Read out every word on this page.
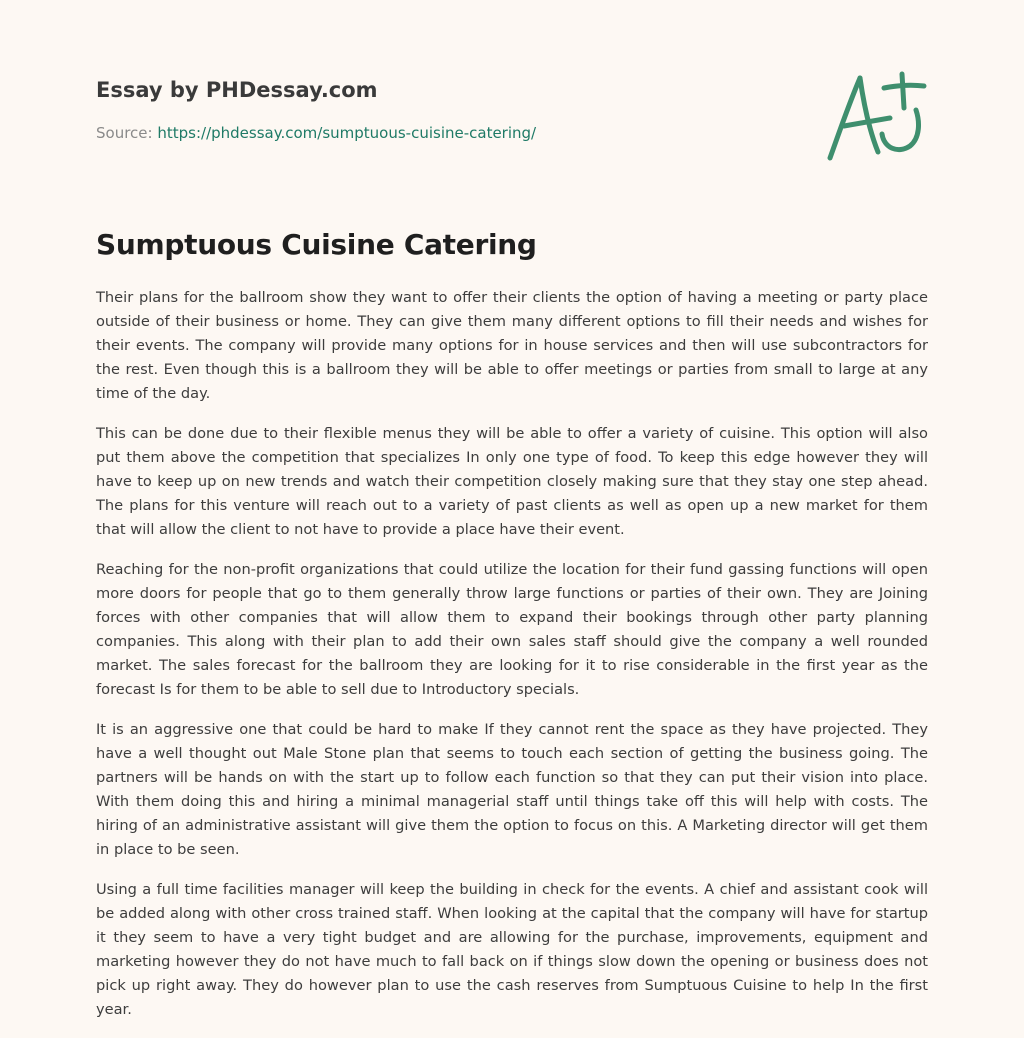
Essay by PHDessay.com
Source: https://phdessay.com/sumptuous-cuisine-catering/
Sumptuous Cuisine Catering

Their plans for the ballroom show they want to offer their clients the option of having a meeting or party place outside of their business or home. They can give them many different options to fill their needs and wishes for their events. The company will provide many options for in house services and then will use subcontractors for the rest. Even though this is a ballroom they will be able to offer meetings or parties from small to large at any time of the day.

This can be done due to their flexible menus they will be able to offer a variety of cuisine. This option will also put them above the competition that specializes In only one type of food. To keep this edge however they will have to keep up on new trends and watch their competition closely making sure that they stay one step ahead. The plans for this venture will reach out to a variety of past clients as well as open up a new market for them that will allow the client to not have to provide a place have their event.

Reaching for the non-profit organizations that could utilize the location for their fund gassing functions will open more doors for people that go to them generally throw large functions or parties of their own. They are Joining forces with other companies that will allow them to expand their bookings through other party planning companies. This along with their plan to add their own sales staff should give the company a well rounded market. The sales forecast for the ballroom they are looking for it to rise considerable in the first year as the forecast Is for them to be able to sell due to Introductory specials.

It is an aggressive one that could be hard to make If they cannot rent the space as they have projected. They have a well thought out Male Stone plan that seems to touch each section of getting the business going. The partners will be hands on with the start up to follow each function so that they can put their vision into place. With them doing this and hiring a minimal managerial staff until things take off this will help with costs. The hiring of an administrative assistant will give them the option to focus on this. A Marketing director will get them in place to be seen.

Using a full time facilities manager will keep the building in check for the events. A chief and assistant cook will be added along with other cross trained staff. When looking at the capital that the company will have for startup it they seem to have a very tight budget and are allowing for the purchase, improvements, equipment and marketing however they do not have much to fall back on if things slow down the opening or business does not pick up right away. They do however plan to use the cash reserves from Sumptuous Cuisine to help In the first year.
